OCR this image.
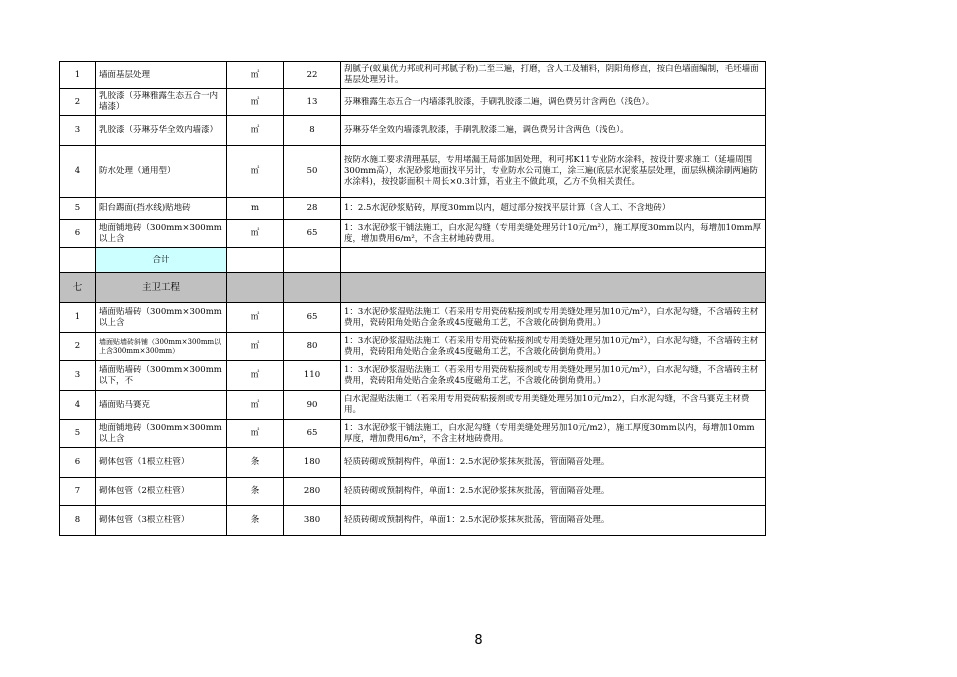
1	墙面基层处理	㎡	22	刮腻子(蚁巢优力邦或利可邦腻子粉)二至三遍，打磨，含人工及辅料，阴阳角修直，按白色墙面编制，毛坯墙面基层处理另计。

2	乳胶漆（芬琳雅露生态五合一内墙漆）	㎡	13	芬琳雅露生态五合一内墙漆乳胶漆，手刷乳胶漆二遍，调色费另计含两色（浅色）。

3	乳胶漆（芬琳芬华全效内墙漆）	㎡	8	芬琳芬华全效内墙漆乳胶漆，手刷乳胶漆二遍，调色费另计含两色（浅色）。

4	防水处理（通用型）	㎡	50	按防水施工要求清理基层，专用堵漏王局部加固处理，利可邦K11专业防水涂料，按设计要求施工（延墙周围300mm高），水泥砂浆地面找平另计，专业防水公司施工，涂三遍(底层水泥浆基层处理，面层纵横涂刷两遍防水涂料)，按投影面积＋周长×0.3计算，若业主不做此项，乙方不负相关责任。

5	阳台踢面(挡水线)贴地砖	m	28	1：2.5水泥砂浆贴砖，厚度30mm以内，超过部分按找平层计算（含人工、不含地砖）

6	地面铺地砖（300mm×300mm以上含	㎡	65	1：3水泥砂浆干铺法施工，白水泥勾缝（专用美缝处理另计10元/m²），施工厚度30mm以内，每增加10mm厚度，增加费用6/m²，不含主材地砖费用。

	合计			

七	主卫工程			

1	墙面贴墙砖（300mm×300mm以上含	㎡	65	1：3水泥砂浆湿贴法施工（若采用专用瓷砖粘接剂或专用美缝处理另加10元/m²），白水泥勾缝，不含墙砖主材费用，瓷砖阳角处贴合金条或45度磁角工艺，不含玻化砖倒角费用。）

2	墙面贴墙砖斜铺（300mm×300mm以上含300mm×300mm）	㎡	80	1：3水泥砂浆湿贴法施工（若采用专用瓷砖粘接剂或专用美缝处理另加10元/m²），白水泥勾缝，不含墙砖主材费用，瓷砖阳角处贴合金条或45度磁角工艺，不含玻化砖倒角费用。）

3	墙面贴墙砖（300mm×300mm以下，不	㎡	110	1：3水泥砂浆湿贴法施工（若采用专用瓷砖粘接剂或专用美缝处理另加10元/m²），白水泥勾缝，不含墙砖主材费用，瓷砖阳角处贴合金条或45度磁角工艺，不含玻化砖倒角费用。）

4	墙面贴马赛克	㎡	90	白水泥湿贴法施工（若采用专用瓷砖粘接剂或专用美缝处理另加10元/m2），白水泥勾缝，不含马赛克主材费用。

5	地面铺地砖（300mm×300mm以上含	㎡	65	1：3水泥砂浆干铺法施工，白水泥勾缝（专用美缝处理另加10元/m2），施工厚度30mm以内，每增加10mm厚度，增加费用6/m²，不含主材地砖费用。

6	砌体包管（1根立柱管）	条	180	轻质砖砌或预制构件，单面1：2.5水泥砂浆抹灰批荡，管面隔音处理。

7	砌体包管（2根立柱管）	条	280	轻质砖砌或预制构件，单面1：2.5水泥砂浆抹灰批荡，管面隔音处理。

8	砌体包管（3根立柱管）	条	380	轻质砖砌或预制构件，单面1：2.5水泥砂浆抹灰批荡，管面隔音处理。
8
